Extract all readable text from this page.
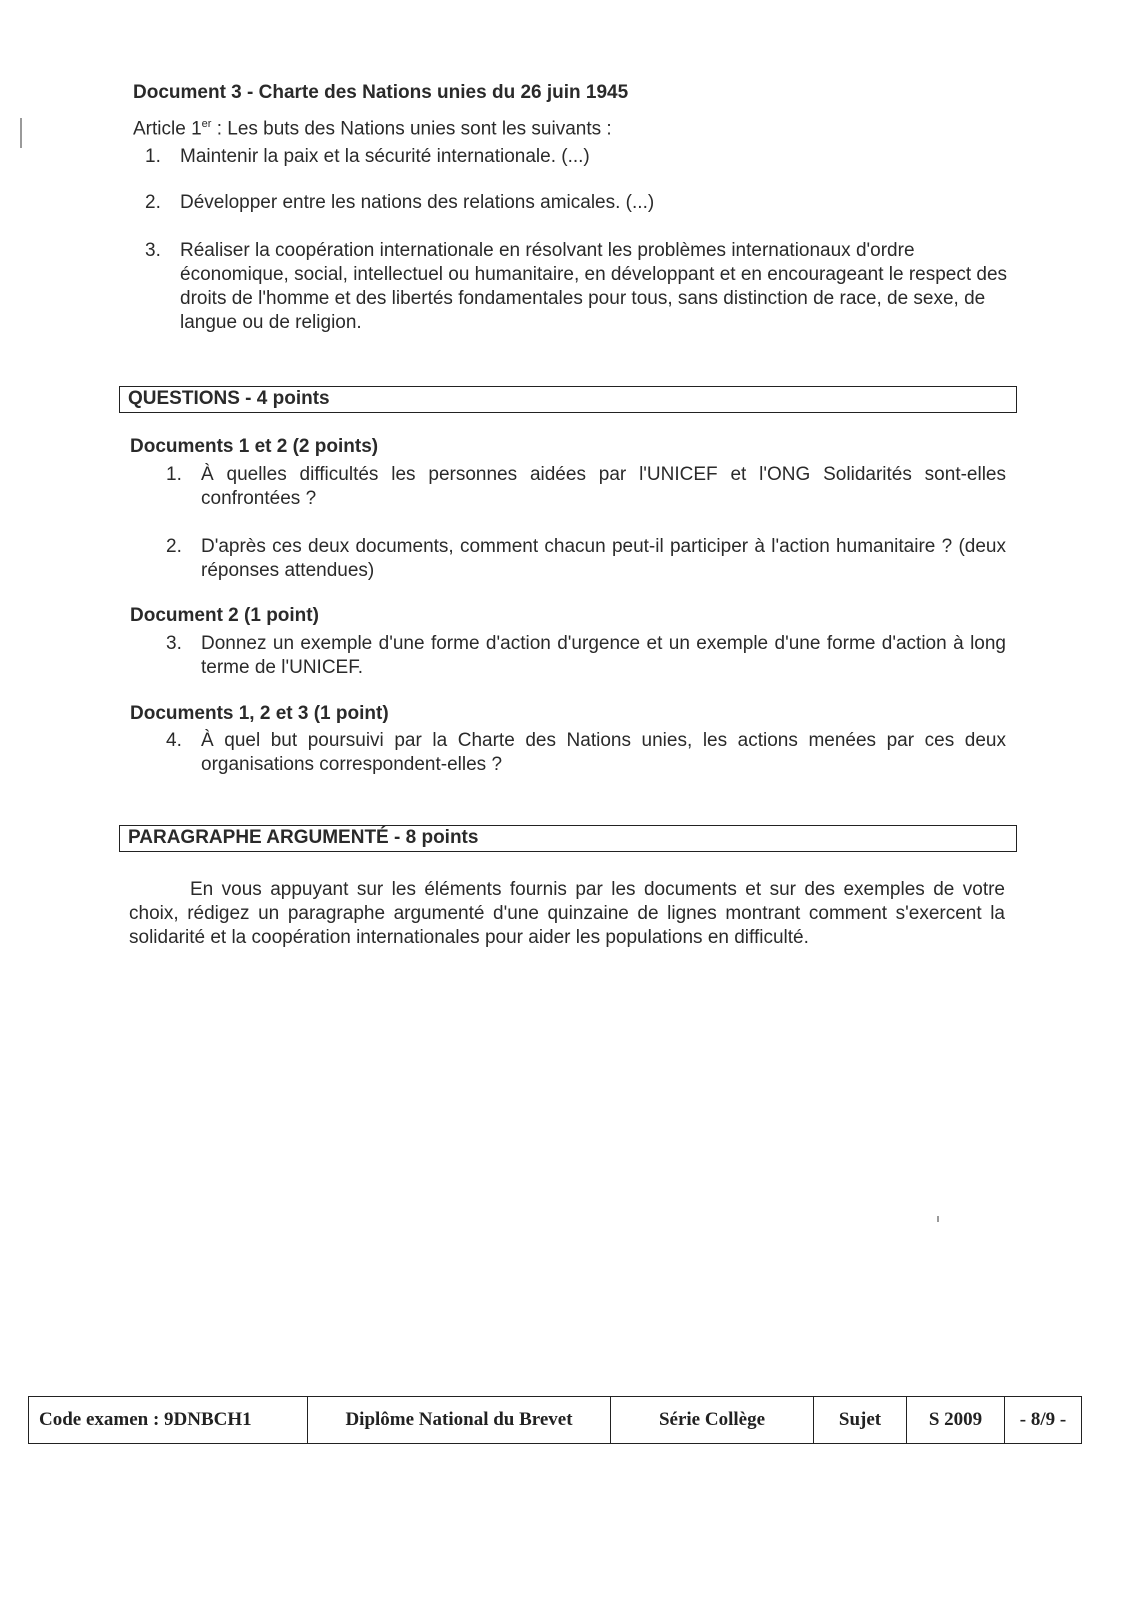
Document 3 - Charte des Nations unies du 26 juin 1945
Article 1er : Les buts des Nations unies sont les suivants :
1. Maintenir la paix et la sécurité internationale. (...)
2. Développer entre les nations des relations amicales. (...)
3. Réaliser la coopération internationale en résolvant les problèmes internationaux d'ordre économique, social, intellectuel ou humanitaire, en développant et en encourageant le respect des droits de l'homme et des libertés fondamentales pour tous, sans distinction de race, de sexe, de langue ou de religion.
QUESTIONS - 4 points
Documents 1 et 2 (2 points)
1. À quelles difficultés les personnes aidées par l'UNICEF et l'ONG Solidarités sont-elles confrontées ?
2. D'après ces deux documents, comment chacun peut-il participer à l'action humanitaire ? (deux réponses attendues)
Document 2 (1 point)
3. Donnez un exemple d'une forme d'action d'urgence et un exemple d'une forme d'action à long terme de l'UNICEF.
Documents 1, 2 et 3 (1 point)
4. À quel but poursuivi par la Charte des Nations unies, les actions menées par ces deux organisations correspondent-elles ?
PARAGRAPHE ARGUMENTÉ - 8 points

En vous appuyant sur les éléments fournis par les documents et sur des exemples de votre choix, rédigez un paragraphe argumenté d'une quinzaine de lignes montrant comment s'exercent la solidarité et la coopération internationales pour aider les populations en difficulté.

Code examen : 9DNBCH1	Diplôme National du Brevet	Série Collège	Sujet	S 2009	- 8/9 -
